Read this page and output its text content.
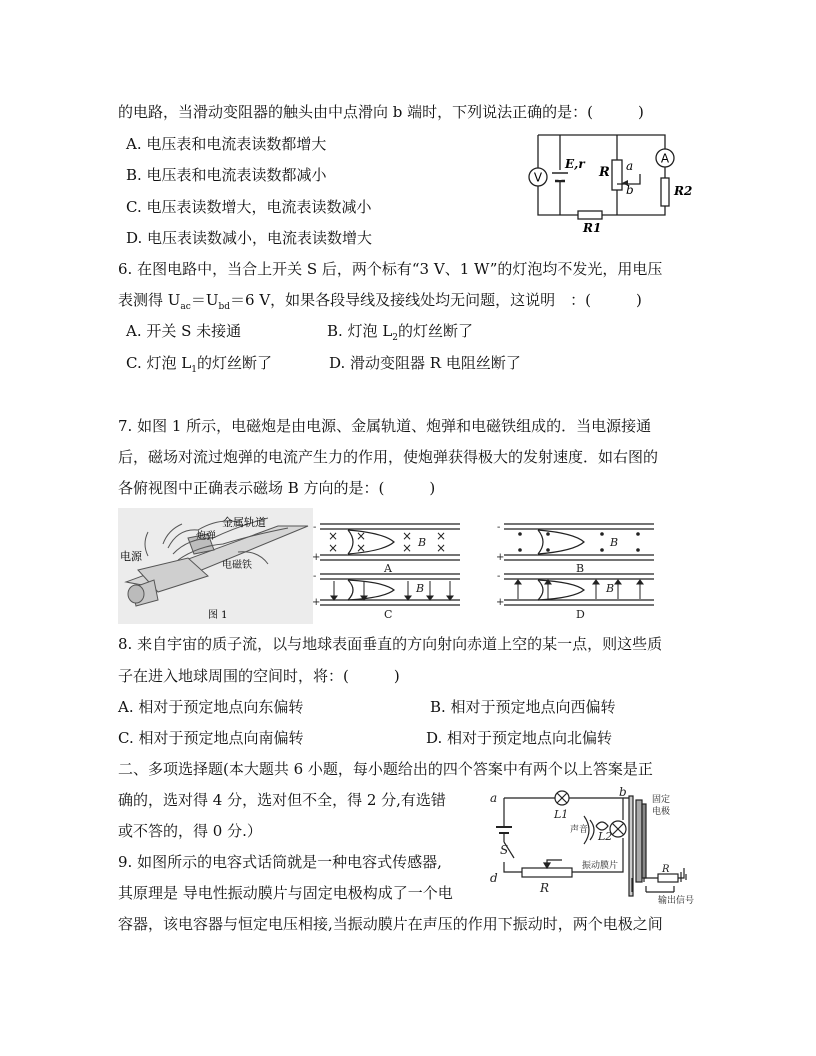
的电路，当滑动变阻器的触头由中点滑向 b 端时，下列说法正确的是：(　　　)
A. 电压表和电流表读数都增大
B. 电压表和电流表读数都减小
C. 电压表读数增大，电流表读数减小
D. 电压表读数减小，电流表读数增大
V
A
E,r
R a
b	R2
R1
6. 在图电路中，当合上开关 S 后，两个标有“3 V、1 W”的灯泡均不发光，用电压
表测得 $U_{ac}=U_{bd}=6$ V，如果各段导线及接线处均无问题，这说明　：(　　　)
A. 开关 S 未接通	B. 灯泡 $L_2$的灯丝断了
C. 灯泡 $L_1$的灯丝断了	D. 滑动变阻器 R 电阻丝断了
7. 如图 1 所示，电磁炮是由电源、金属轨道、炮弹和电磁铁组成的．当电源接通
后，磁场对流过炮弹的电流产生力的作用，使炮弹获得极大的发射速度．如右图的
各俯视图中正确表示磁场 B 方向的是：(　　　)
金属轨道
炮弹
电源
电磁铁
图 1
×
×
×
×
×
×
×
×
-
+
-
+
-
+
-
+
B	B
B	B
A	B
C	D
8. 来自宇宙的质子流，以与地球表面垂直的方向射向赤道上空的某一点，则这些质
子在进入地球周围的空间时，将：(　　　)
A. 相对于预定地点向东偏转	B. 相对于预定地点向西偏转
C. 相对于预定地点向南偏转	D. 相对于预定地点向北偏转
二、多项选择题(本大题共 6 小题，每小题给出的四个答案中有两个以上答案是正
确的，选对得 4 分，选对但不全，得 2 分,有选错
或不答的，得 0 分.）
9. 如图所示的电容式话筒就是一种电容式传感器,
其原理是 导电性振动膜片与固定电极构成了一个电
容器，该电容器与恒定电压相接,当振动膜片在声压的作用下振动时，两个电极之间
a	b
S
d
R
L1
L2
声音
固定
电极
振动膜片
输出信号
R
